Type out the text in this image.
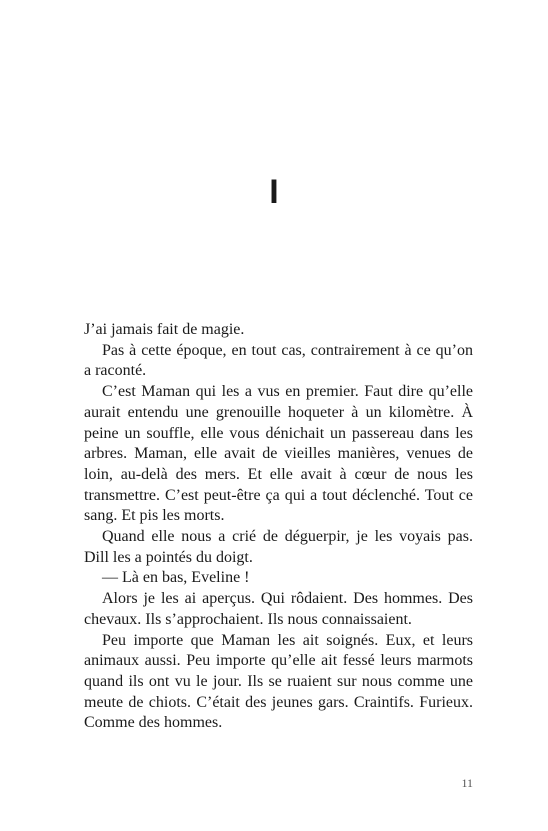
I

J’ai jamais fait de magie.

Pas à cette époque, en tout cas, contrairement à ce qu’on a raconté.

C’est Maman qui les a vus en premier. Faut dire qu’elle aurait entendu une grenouille hoqueter à un kilomètre. À peine un souffle, elle vous dénichait un passereau dans les arbres. Maman, elle avait de vieilles manières, venues de loin, au-delà des mers. Et elle avait à cœur de nous les transmettre. C’est peut-être ça qui a tout déclenché. Tout ce sang. Et pis les morts.

Quand elle nous a crié de déguerpir, je les voyais pas. Dill les a pointés du doigt.

— Là en bas, Eveline !

Alors je les ai aperçus. Qui rôdaient. Des hommes. Des chevaux. Ils s’approchaient. Ils nous connaissaient.

Peu importe que Maman les ait soignés. Eux, et leurs animaux aussi. Peu importe qu’elle ait fessé leurs marmots quand ils ont vu le jour. Ils se ruaient sur nous comme une meute de chiots. C’était des jeunes gars. Craintifs. Furieux. Comme des hommes.

11
